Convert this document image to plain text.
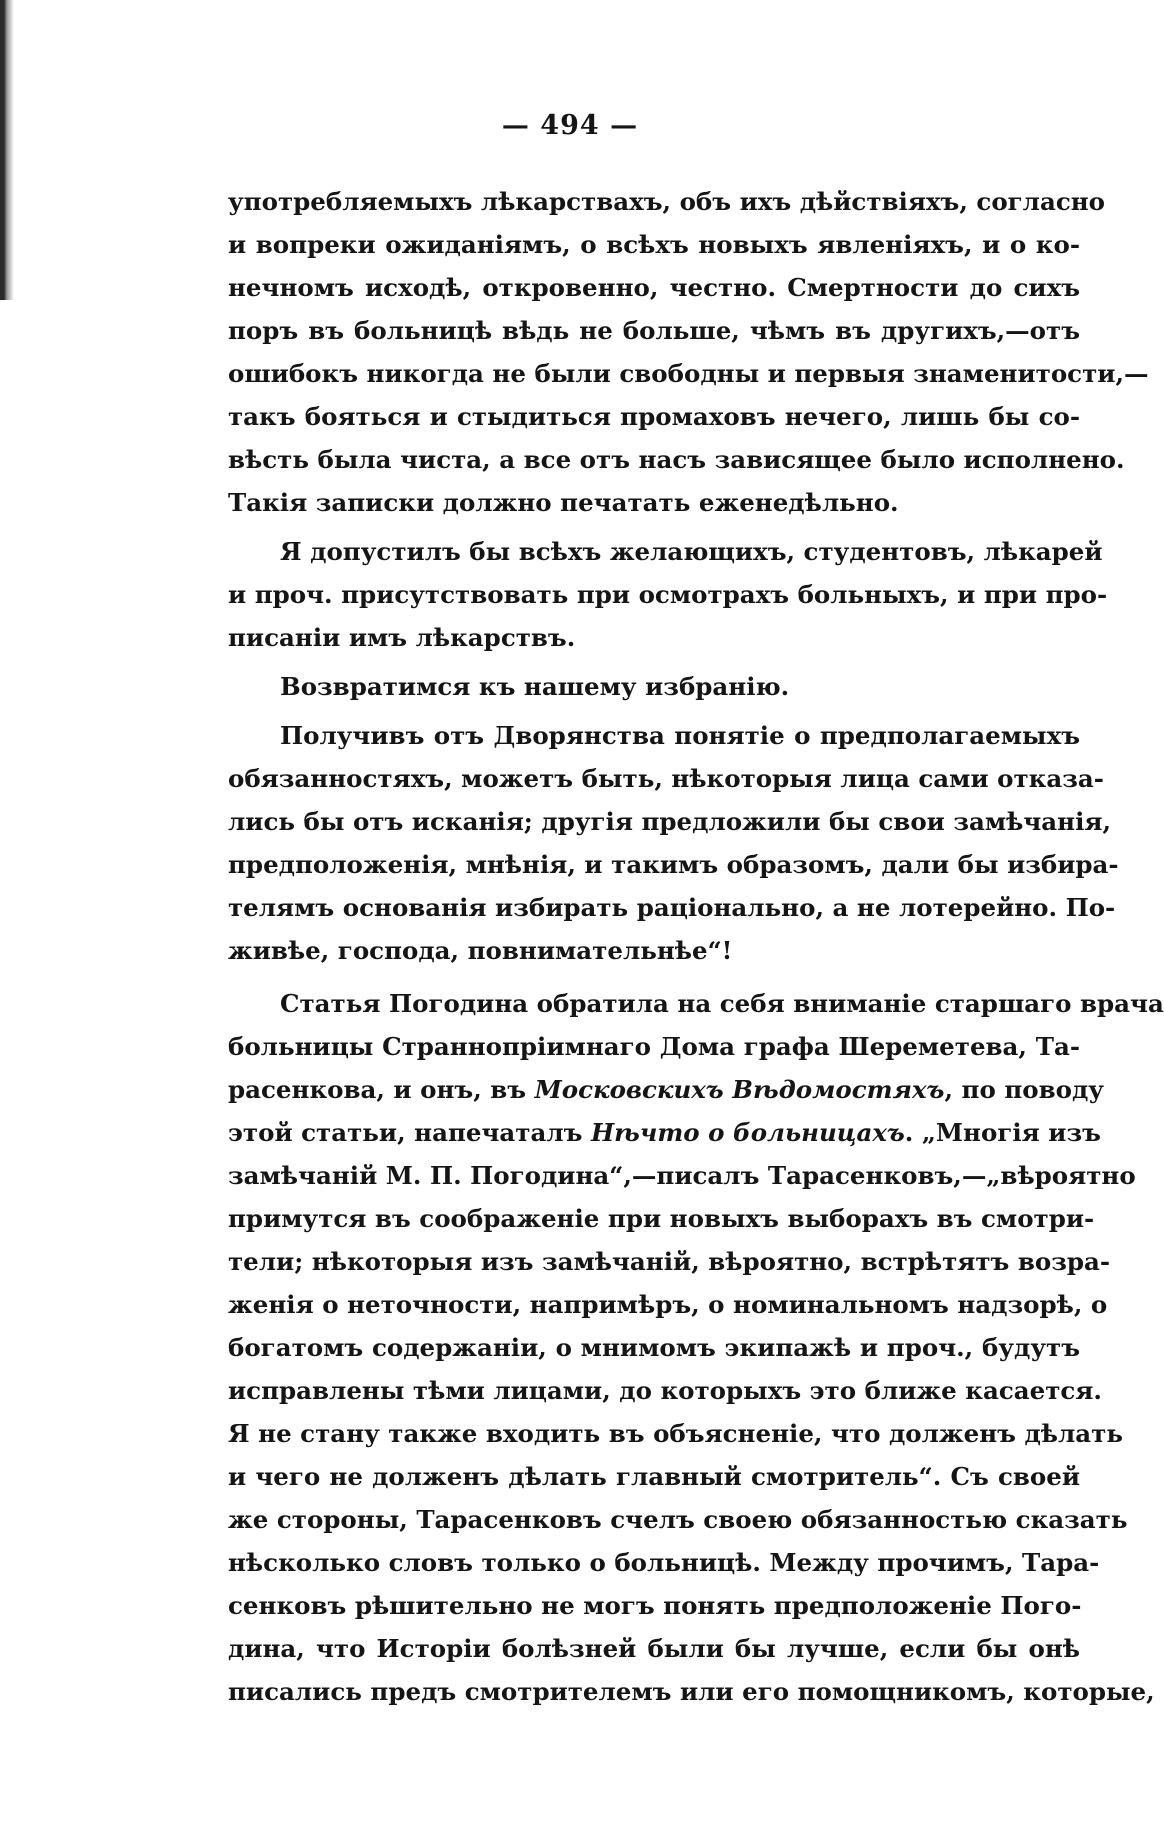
— 494 —
употребляемыхъ лѣкарствахъ, объ ихъ дѣйствіяхъ, согласно
и вопреки ожиданіямъ, о всѣхъ новыхъ явленіяхъ, и о ко-
нечномъ исходѣ, откровенно, честно. Смертности до сихъ
поръ въ больницѣ вѣдь не больше, чѣмъ въ другихъ,—отъ
ошибокъ никогда не были свободны и первыя знаменитости,—
такъ бояться и стыдиться промаховъ нечего, лишь бы со-
вѣсть была чиста, а все отъ насъ зависящее было исполнено.
Такія записки должно печатать еженедѣльно.
Я допустилъ бы всѣхъ желающихъ, студентовъ, лѣкарей
и проч. присутствовать при осмотрахъ больныхъ, и при про-
писаніи имъ лѣкарствъ.
Возвратимся къ нашему избранію.
Получивъ отъ Дворянства понятіе о предполагаемыхъ
обязанностяхъ, можетъ быть, нѣкоторыя лица сами отказа-
лись бы отъ исканія; другія предложили бы свои замѣчанія,
предположенія, мнѣнія, и такимъ образомъ, дали бы избира-
телямъ основанія избирать раціонально, а не лотерейно. По-
живѣе, господа, повнимательнѣе“!
Статья Погодина обратила на себя вниманіе старшаго врача
больницы Страннопріимнаго Дома графа Шереметева, Та-
расенкова, и онъ, въ Московскихъ Вѣдомостяхъ, по поводу
этой статьи, напечаталъ Нѣчто о больницахъ. „Многія изъ
замѣчаній М. П. Погодина“,—писалъ Тарасенковъ,—„вѣроятно
примутся въ соображеніе при новыхъ выборахъ въ смотри-
тели; нѣкоторыя изъ замѣчаній, вѣроятно, встрѣтятъ возра-
женія о неточности, напримѣръ, о номинальномъ надзорѣ, о
богатомъ содержаніи, о мнимомъ экипажѣ и проч., будутъ
исправлены тѣми лицами, до которыхъ это ближе касается.
Я не стану также входить въ объясненіе, что долженъ дѣлать
и чего не долженъ дѣлать главный смотритель“. Съ своей
же стороны, Тарасенковъ счелъ своею обязанностью сказать
нѣсколько словъ только о больницѣ. Между прочимъ, Тара-
сенковъ рѣшительно не могъ понять предположеніе Пого-
дина, что Исторіи болѣзней были бы лучше, если бы онѣ
писались предъ смотрителемъ или его помощникомъ, которые,
